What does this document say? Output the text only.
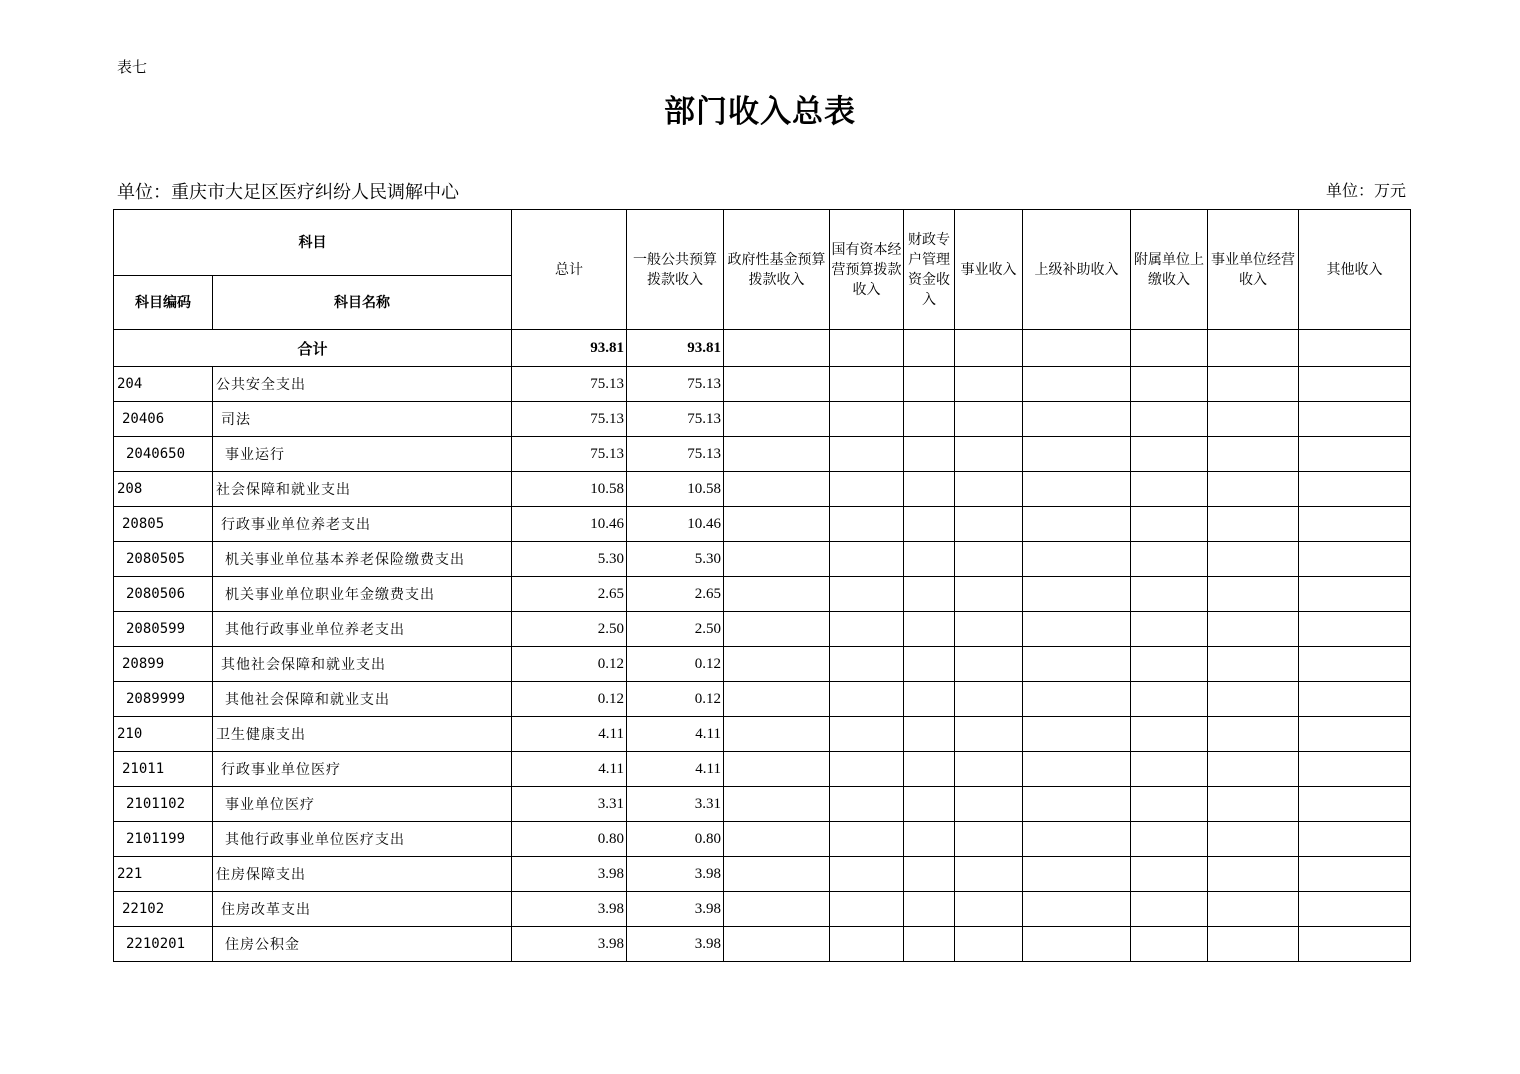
表七
部门收入总表
单位：重庆市大足区医疗纠纷人民调解中心	单位：万元
科目		总计	一般公共预算拨款收入	政府性基金预算拨款收入	国有资本经营预算拨款收入	财政专户管理资金收入	事业收入	上级补助收入	附属单位上缴收入	事业单位经营收入	其他收入
科目编码	科目名称										
合计		93.81	93.81								
204	公共安全支出	75.13	75.13								
20406	司法	75.13	75.13								
2040650	事业运行	75.13	75.13								
208	社会保障和就业支出	10.58	10.58								
20805	行政事业单位养老支出	10.46	10.46								
2080505	机关事业单位基本养老保险缴费支出	5.30	5.30								
2080506	机关事业单位职业年金缴费支出	2.65	2.65								
2080599	其他行政事业单位养老支出	2.50	2.50								
20899	其他社会保障和就业支出	0.12	0.12								
2089999	其他社会保障和就业支出	0.12	0.12								
210	卫生健康支出	4.11	4.11								
21011	行政事业单位医疗	4.11	4.11								
2101102	事业单位医疗	3.31	3.31								
2101199	其他行政事业单位医疗支出	0.80	0.80								
221	住房保障支出	3.98	3.98								
22102	住房改革支出	3.98	3.98								
2210201	住房公积金	3.98	3.98								
